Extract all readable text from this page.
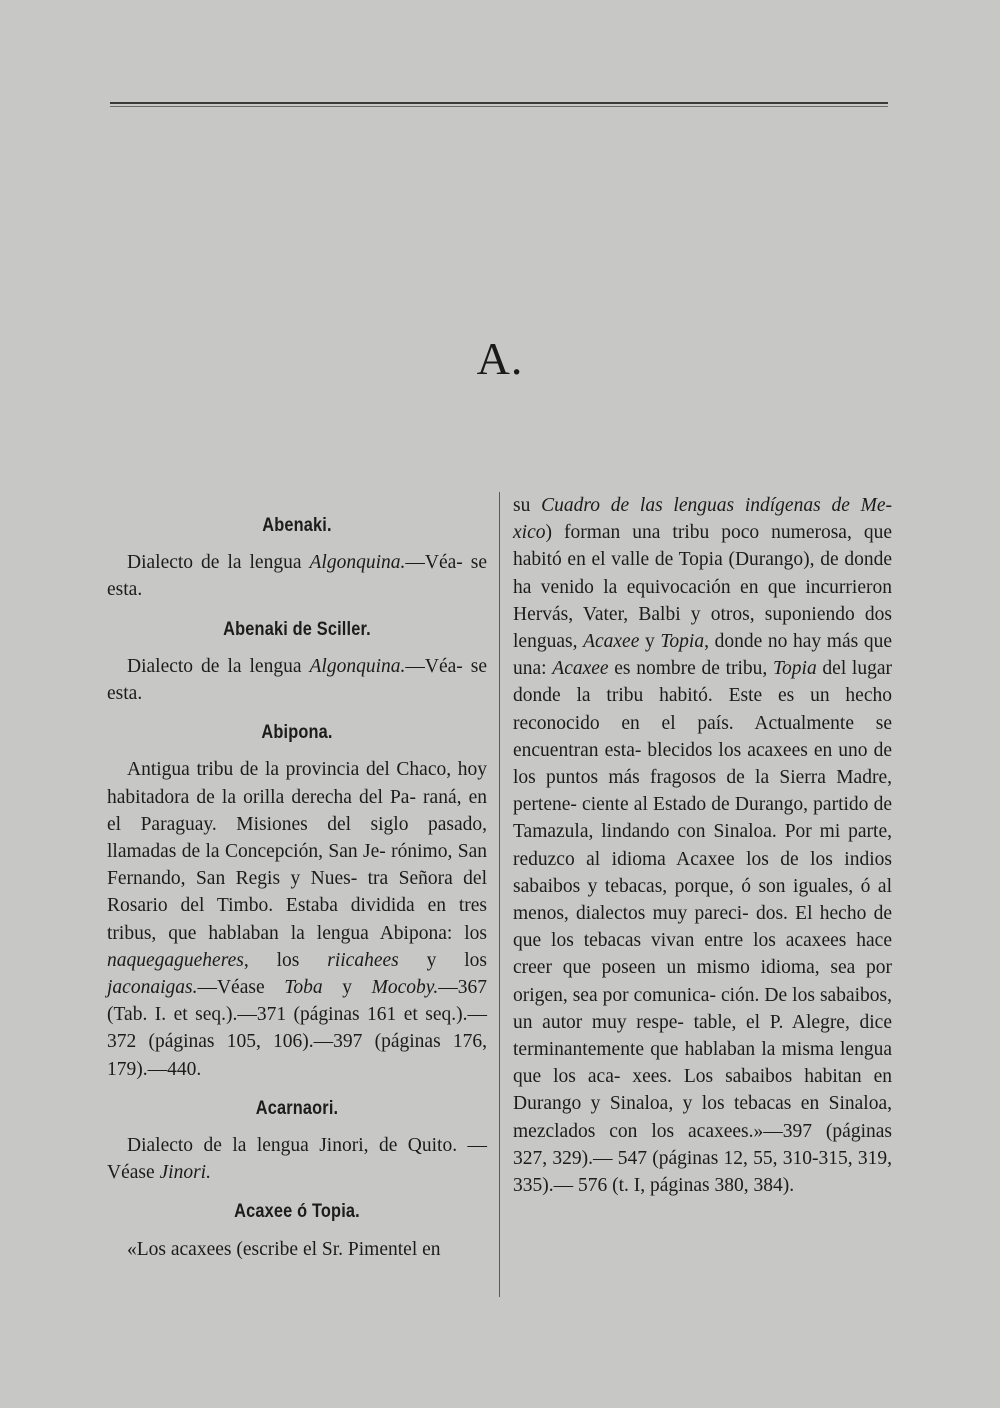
A.
Abenaki.

Dialecto de la lengua Algonquina.—Véa- se esta.

Abenaki de Sciller.

Dialecto de la lengua Algonquina.—Véa- se esta.

Abipona.

Antigua tribu de la provincia del Chaco, hoy habitadora de la orilla derecha del Pa- raná, en el Paraguay. Misiones del siglo pasado, llamadas de la Concepción, San Je- rónimo, San Fernando, San Regis y Nues- tra Señora del Rosario del Timbo. Estaba dividida en tres tribus, que hablaban la lengua Abipona: los naquegagueheres, los riicahees y los jaconaigas.—Véase Toba y Mocoby.—367 (Tab. I. et seq.).—371 (páginas 161 et seq.).—372 (páginas 105, 106).—397 (páginas 176, 179).—440.

Acarnaori.

Dialecto de la lengua Jinori, de Quito. —Véase Jinori.

Acaxee ó Topia.

«Los acaxees (escribe el Sr. Pimentel en

su Cuadro de las lenguas indígenas de Me- xico) forman una tribu poco numerosa, que habitó en el valle de Topia (Durango), de donde ha venido la equivocación en que incurrieron Hervás, Vater, Balbi y otros, suponiendo dos lenguas, Acaxee y Topia, donde no hay más que una: Acaxee es nombre de tribu, Topia del lugar donde la tribu habitó. Este es un hecho reconocido en el país. Actualmente se encuentran esta- blecidos los acaxees en uno de los puntos más fragosos de la Sierra Madre, pertene- ciente al Estado de Durango, partido de Tamazula, lindando con Sinaloa. Por mi parte, reduzco al idioma Acaxee los de los indios sabaibos y tebacas, porque, ó son iguales, ó al menos, dialectos muy pareci- dos. El hecho de que los tebacas vivan entre los acaxees hace creer que poseen un mismo idioma, sea por origen, sea por comunica- ción. De los sabaibos, un autor muy respe- table, el P. Alegre, dice terminantemente que hablaban la misma lengua que los aca- xees. Los sabaibos habitan en Durango y Sinaloa, y los tebacas en Sinaloa, mezclados con los acaxees.»—397 (páginas 327, 329).— 547 (páginas 12, 55, 310-315, 319, 335).— 576 (t. I, páginas 380, 384).
